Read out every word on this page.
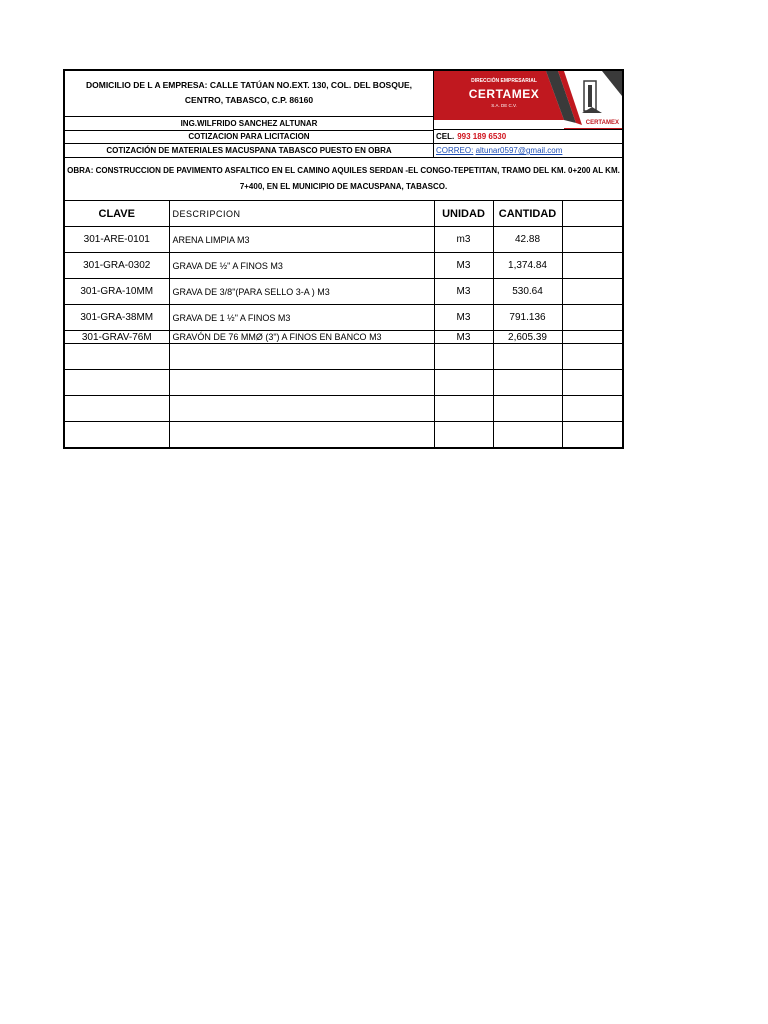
DOMICILIO DE L A EMPRESA: CALLE TATÚAN NO.EXT. 130, COL. DEL BOSQUE, CENTRO, TABASCO, C.P. 86160
ING.WILFRIDO SANCHEZ ALTUNAR
COTIZACION PARA LICITACION
COTIZACIÓN DE MATERIALES MACUSPANA TABASCO PUESTO EN OBRA
DIRECCIÓN EMPRESARIAL
CERTAMEX
S.A. DE C.V.
CERTAMEX
CEL. 993 189 6530
CORREO:
altunar0597@gmail.com
OBRA: CONSTRUCCION DE PAVIMENTO ASFALTICO EN EL CAMINO AQUILES SERDAN -EL CONGO-TEPETITAN, TRAMO DEL KM. 0+200 AL KM. 7+400, EN EL MUNICIPIO DE MACUSPANA, TABASCO.
CLAVE	DESCRIPCION	UNIDAD	CANTIDAD	
301-ARE-0101	ARENA LIMPIA M3	m3	42.88	
301-GRA-0302	GRAVA DE ½" A FINOS M3	M3	1,374.84	
301-GRA-10MM	GRAVA DE 3/8"(PARA SELLO 3-A ) M3	M3	530.64	
301-GRA-38MM	GRAVA DE 1 ½" A FINOS M3	M3	791.136	
301-GRAV-76M	GRAVÓN DE 76 MMØ (3") A FINOS EN BANCO M3	M3	2,605.39	
